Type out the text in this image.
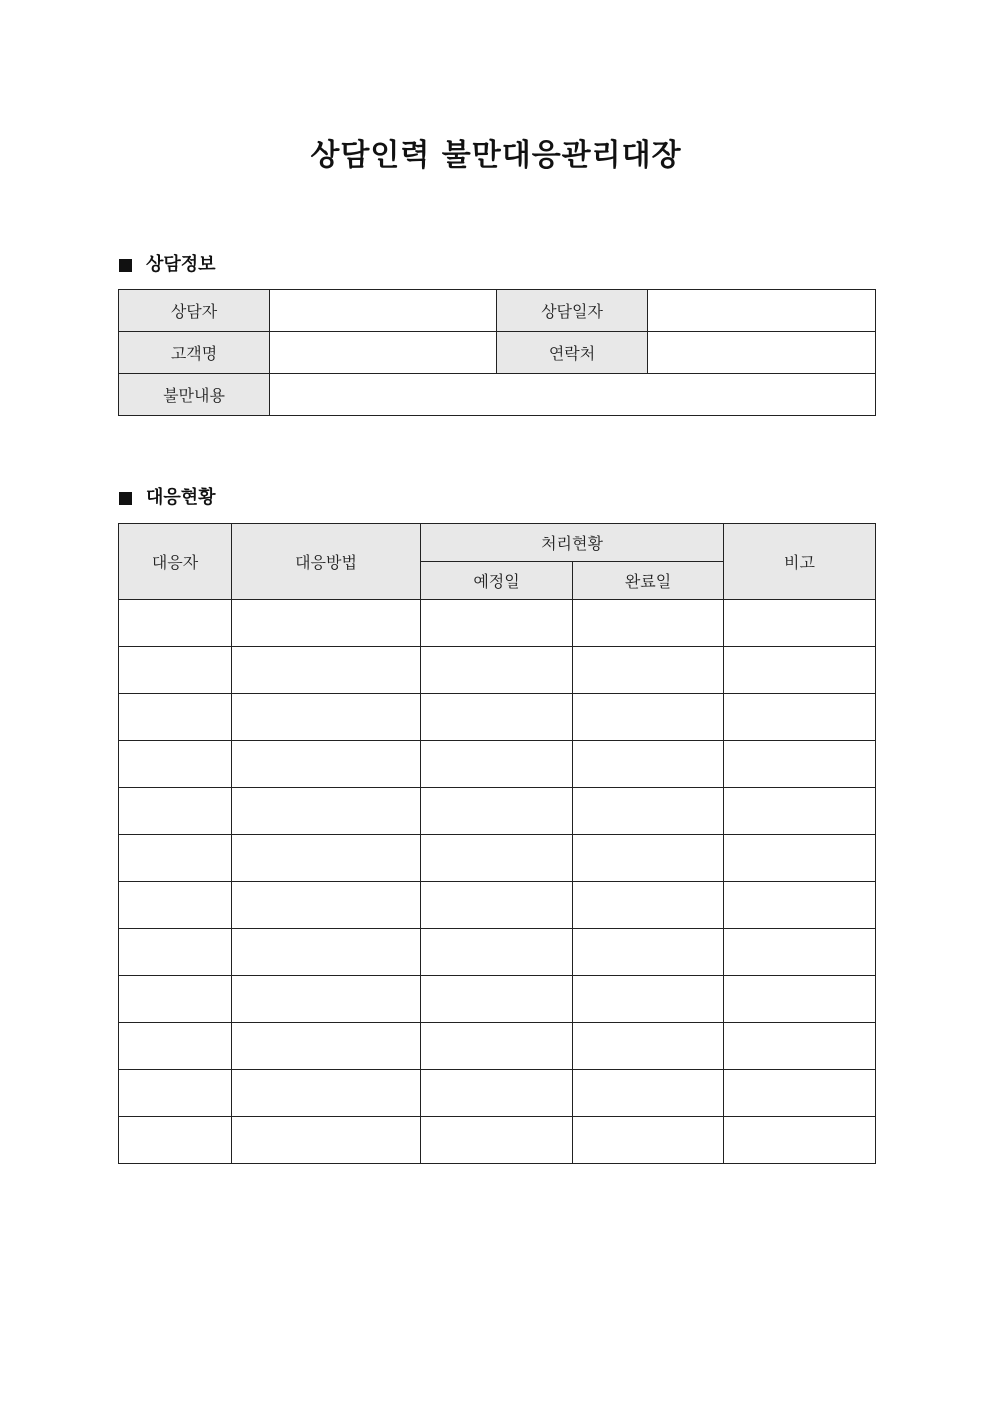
상담인력 불만대응관리대장
상담정보
상담자		상담일자	
고객명		연락처	
불만내용			
대응현황
대응자	대응방법	처리현황		비고
		예정일	완료일	
